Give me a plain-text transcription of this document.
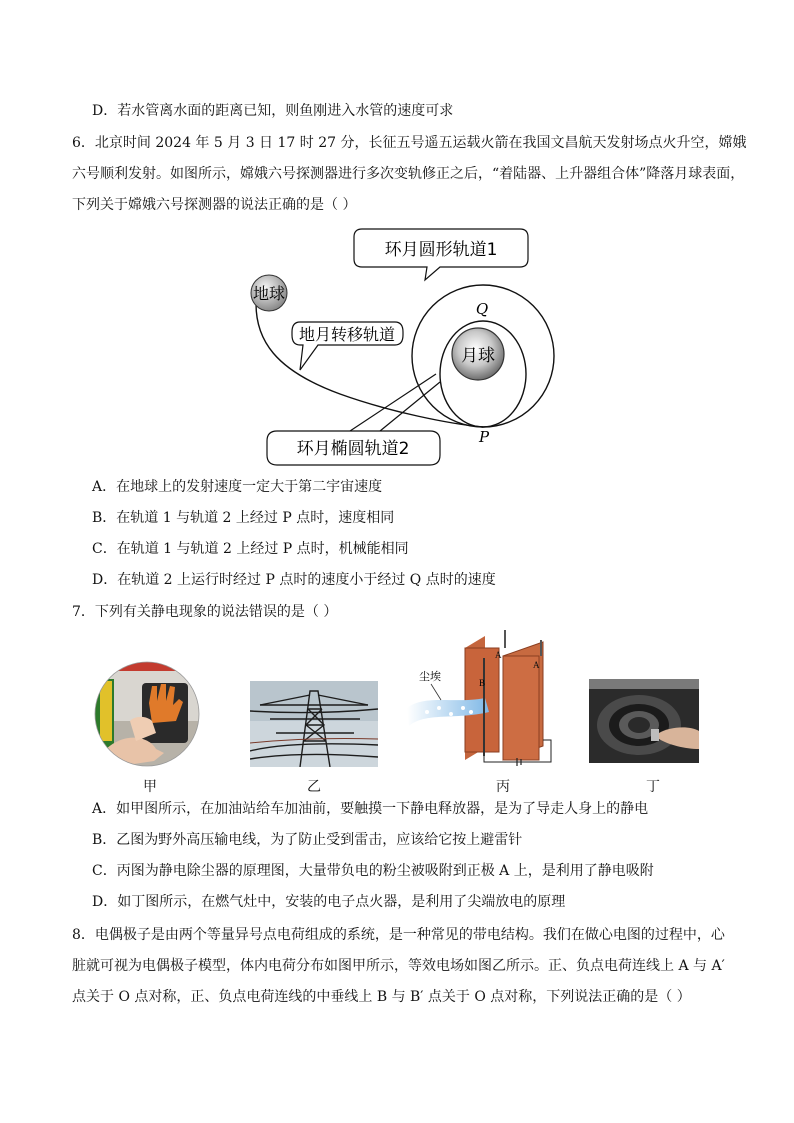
D．若水管离水面的距离已知，则鱼刚进入水管的速度可求
6．北京时间 2024 年 5 月 3 日 17 时 27 分，长征五号遥五运载火箭在我国文昌航天发射场点火升空，嫦娥
六号顺利发射。如图所示，嫦娥六号探测器进行多次变轨修正之后，“着陆器、上升器组合体”降落月球表面，
下列关于嫦娥六号探测器的说法正确的是（ ）
地球
月球
环月圆形轨道1
地月转移轨道
环月椭圆轨道2
Q
P
A．在地球上的发射速度一定大于第二宇宙速度
B．在轨道 1 与轨道 2 上经过 P 点时，速度相同
C．在轨道 1 与轨道 2 上经过 P 点时，机械能相同
D．在轨道 2 上运行时经过 P 点时的速度小于经过 Q 点时的速度
7．下列有关静电现象的说法错误的是（ ）
B
A
A
尘埃
甲	乙	丙	丁
A．如甲图所示，在加油站给车加油前，要触摸一下静电释放器，是为了导走人身上的静电
B．乙图为野外高压输电线，为了防止受到雷击，应该给它按上避雷针
C．丙图为静电除尘器的原理图，大量带负电的粉尘被吸附到正极 A 上，是利用了静电吸附
D．如丁图所示，在燃气灶中，安装的电子点火器，是利用了尖端放电的原理
8．电偶极子是由两个等量异号点电荷组成的系统，是一种常见的带电结构。我们在做心电图的过程中，心
脏就可视为电偶极子模型，体内电荷分布如图甲所示，等效电场如图乙所示。正、负点电荷连线上 A 与 A′
点关于 O 点对称，正、负点电荷连线的中垂线上 B 与 B′ 点关于 O 点对称，下列说法正确的是（ ）
